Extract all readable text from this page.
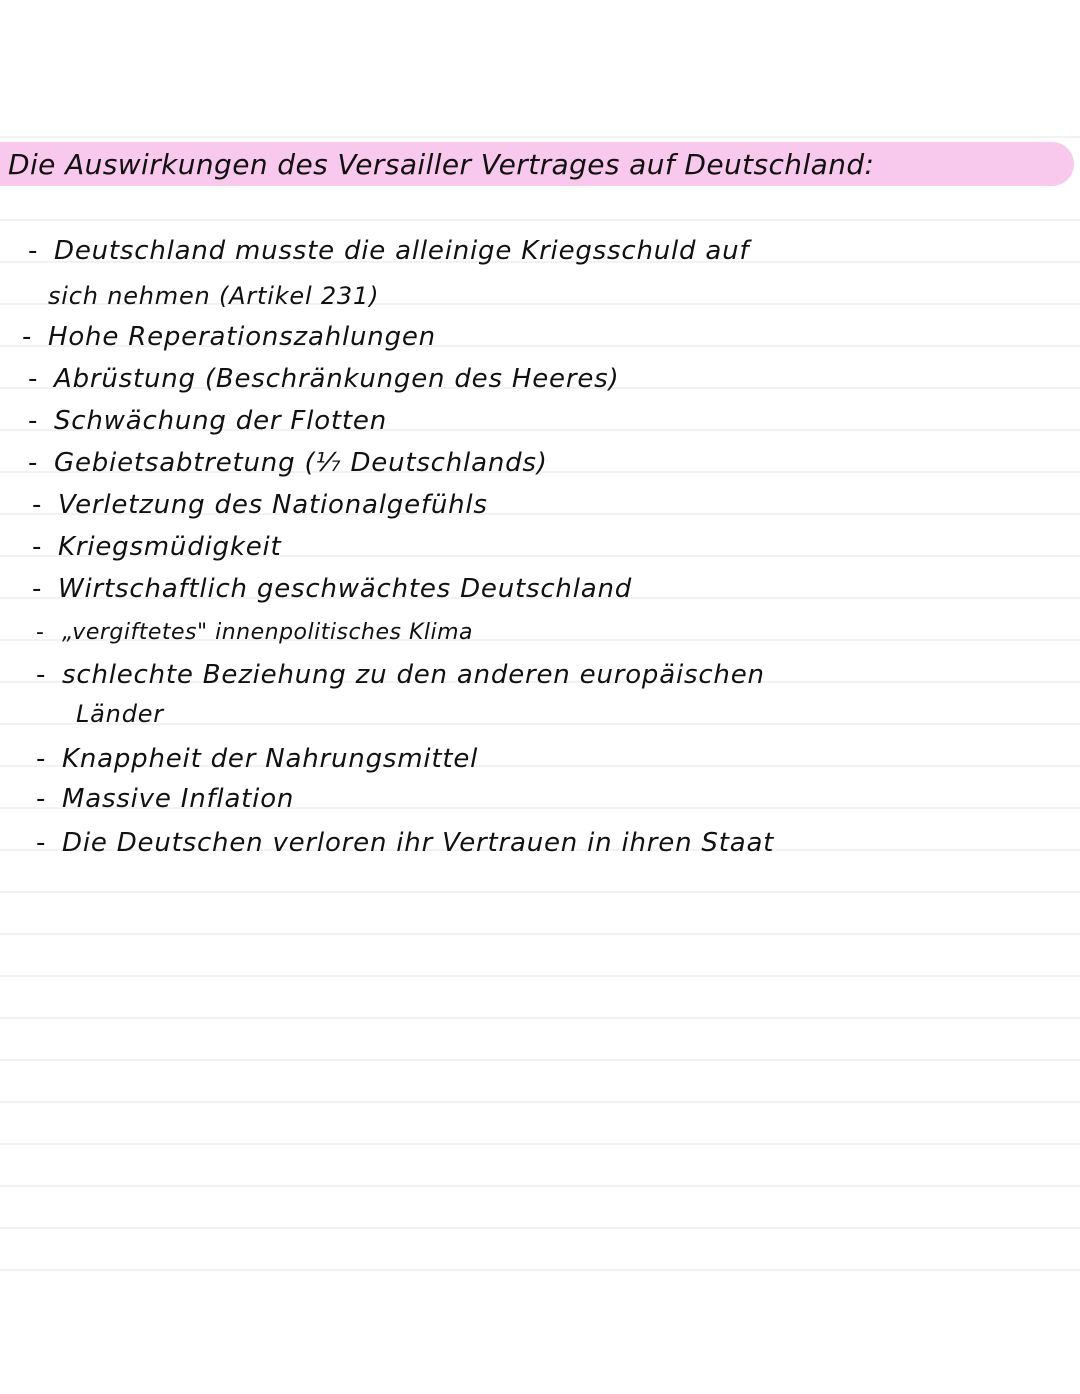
Die Auswirkungen des Versailler Vertrages auf Deutschland:
- Deutschland musste die alleinige Kriegsschuld auf
sich nehmen (Artikel 231)
- Hohe Reperationszahlungen
- Abrüstung (Beschränkungen des Heeres)
- Schwächung der Flotten
- Gebietsabtretung (⅐ Deutschlands)
- Verletzung des Nationalgefühls
- Kriegsmüdigkeit
- Wirtschaftlich geschwächtes Deutschland
- „vergiftetes" innenpolitisches Klima
- schlechte Beziehung zu den anderen europäischen
Länder
- Knappheit der Nahrungsmittel
- Massive Inflation
- Die Deutschen verloren ihr Vertrauen in ihren Staat
